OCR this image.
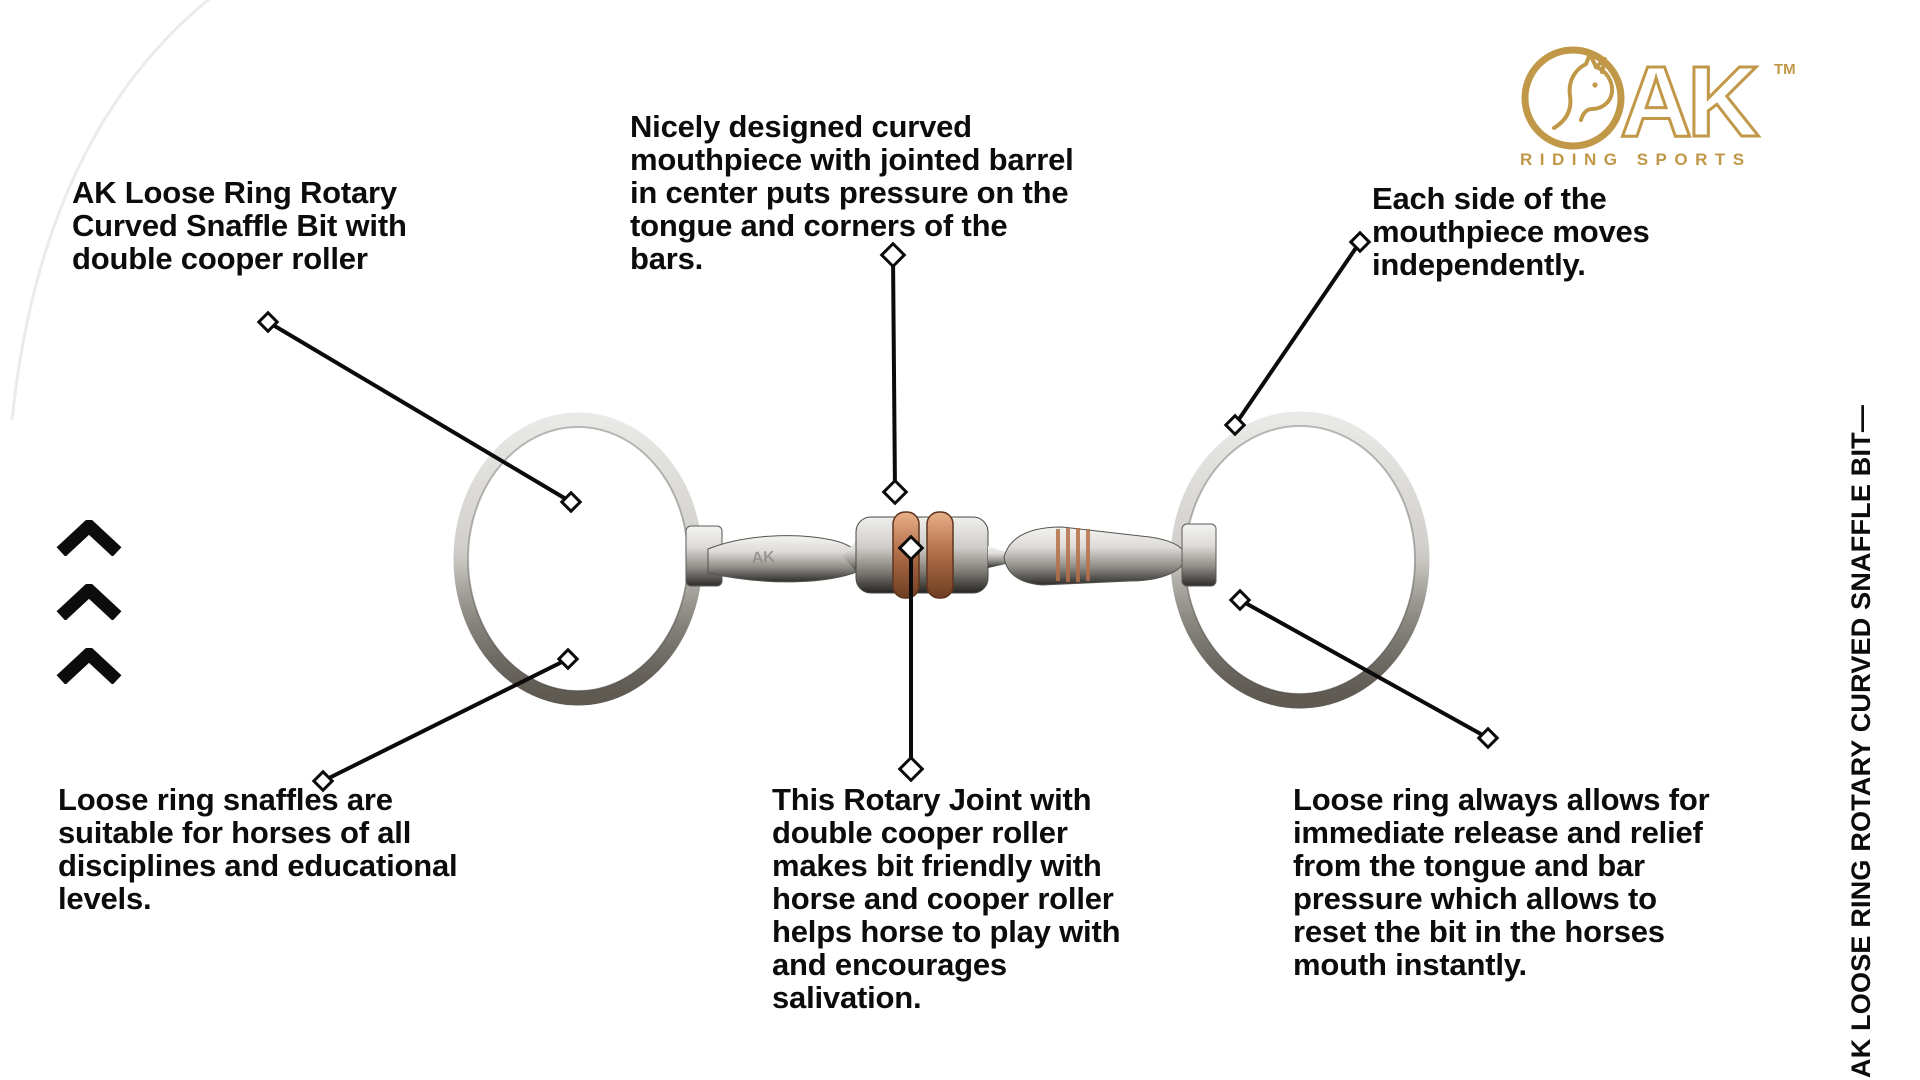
AK
AK	TM
RIDING SPORTS
AK Loose Ring Rotary
Curved Snaffle Bit with
double cooper roller
Nicely designed curved
mouthpiece with jointed barrel
in center puts pressure on the
tongue and corners of the
bars.
Each side of the
mouthpiece moves
independently.
Loose ring snaffles are
suitable for horses of all
disciplines and educational
levels.
This Rotary Joint with
double cooper roller
makes bit friendly with
horse and cooper roller
helps horse to play with
and encourages
salivation.
Loose ring always allows for
immediate release and relief
from the tongue and bar
pressure which allows to
reset the bit in the horses
mouth instantly.	AK LOOSE RING ROTARY CURVED SNAFFLE BIT—
